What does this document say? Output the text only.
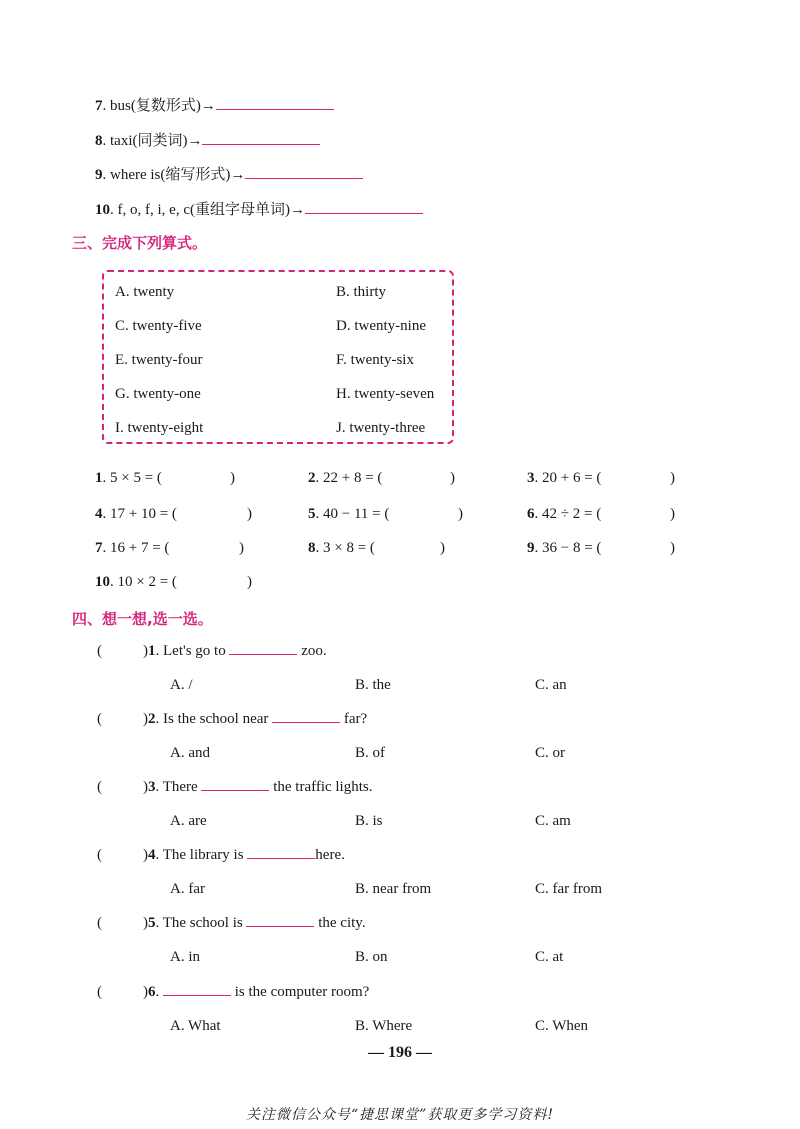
7. bus(复数形式)→
8. taxi(同类词)→
9. where is(缩写形式)→
10. f, o, f, i, e, c(重组字母单词)→
三、完成下列算式。
A. twenty	B. thirty
C. twenty-five	D. twenty-nine
E. twenty-four	F. twenty-six
G. twenty-one	H. twenty-seven
I. twenty-eight	J. twenty-three
1. 5 × 5 = (	)	2. 22 + 8 = (	)	3. 20 + 6 = (	)
4. 17 + 10 = (	)	5. 40 − 11 = (	)	6. 42 ÷ 2 = (	)
7. 16 + 7 = (	)	8. 3 × 8 = (	)	9. 36 − 8 = (	)
10. 10 × 2 = (	)
四、想一想,选一选。
(	)1. Let's go to	zoo.
A. /	B. the	C. an
(	)2. Is the school near	far?
A. and	B. of	C. or
(	)3. There	the traffic lights.
A. are	B. is	C. am
(	)4. The library is	here.
A. far	B. near from	C. far from
(	)5. The school is	the city.
A. in	B. on	C. at
(	)6.	is the computer room?
A. What	B. Where	C. When
— 196 —
关注微信公众号“捷思课堂”获取更多学习资料!
